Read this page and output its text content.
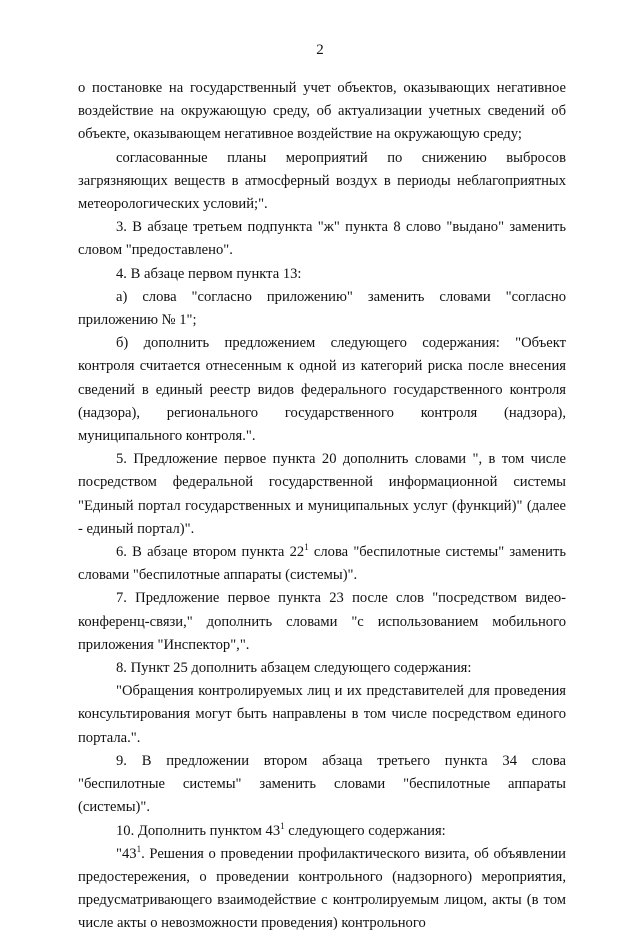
2

о постановке на государственный учет объектов, оказывающих негативное воздействие на окружающую среду, об актуализации учетных сведений об объекте, оказывающем негативное воздействие на окружающую среду;

согласованные планы мероприятий по снижению выбросов загрязняющих веществ в атмосферный воздух в периоды неблагоприятных метеорологических условий;".

3. В абзаце третьем подпункта "ж" пункта 8 слово "выдано" заменить словом "предоставлено".

4. В абзаце первом пункта 13:

а) слова "согласно приложению" заменить словами "согласно приложению № 1";

б) дополнить предложением следующего содержания: "Объект контроля считается отнесенным к одной из категорий риска после внесения сведений в единый реестр видов федерального государственного контроля (надзора), регионального государственного контроля (надзора), муниципального контроля.".

5. Предложение первое пункта 20 дополнить словами ", в том числе посредством федеральной государственной информационной системы "Единый портал государственных и муниципальных услуг (функций)" (далее - единый портал)".

6. В абзаце втором пункта $22^1$ слова "беспилотные системы" заменить словами "беспилотные аппараты (системы)".

7. Предложение первое пункта 23 после слов "посредством видео-конференц-связи," дополнить словами "с использованием мобильного приложения "Инспектор",".

8. Пункт 25 дополнить абзацем следующего содержания:

"Обращения контролируемых лиц и их представителей для проведения консультирования могут быть направлены в том числе посредством единого портала.".

9. В предложении втором абзаца третьего пункта 34 слова "беспилотные системы" заменить словами "беспилотные аппараты (системы)".

10. Дополнить пунктом $43^1$ следующего содержания:

"$43^1$. Решения о проведении профилактического визита, об объявлении предостережения, о проведении контрольного (надзорного) мероприятия, предусматривающего взаимодействие с контролируемым лицом, акты (в том числе акты о невозможности проведения) контрольного
